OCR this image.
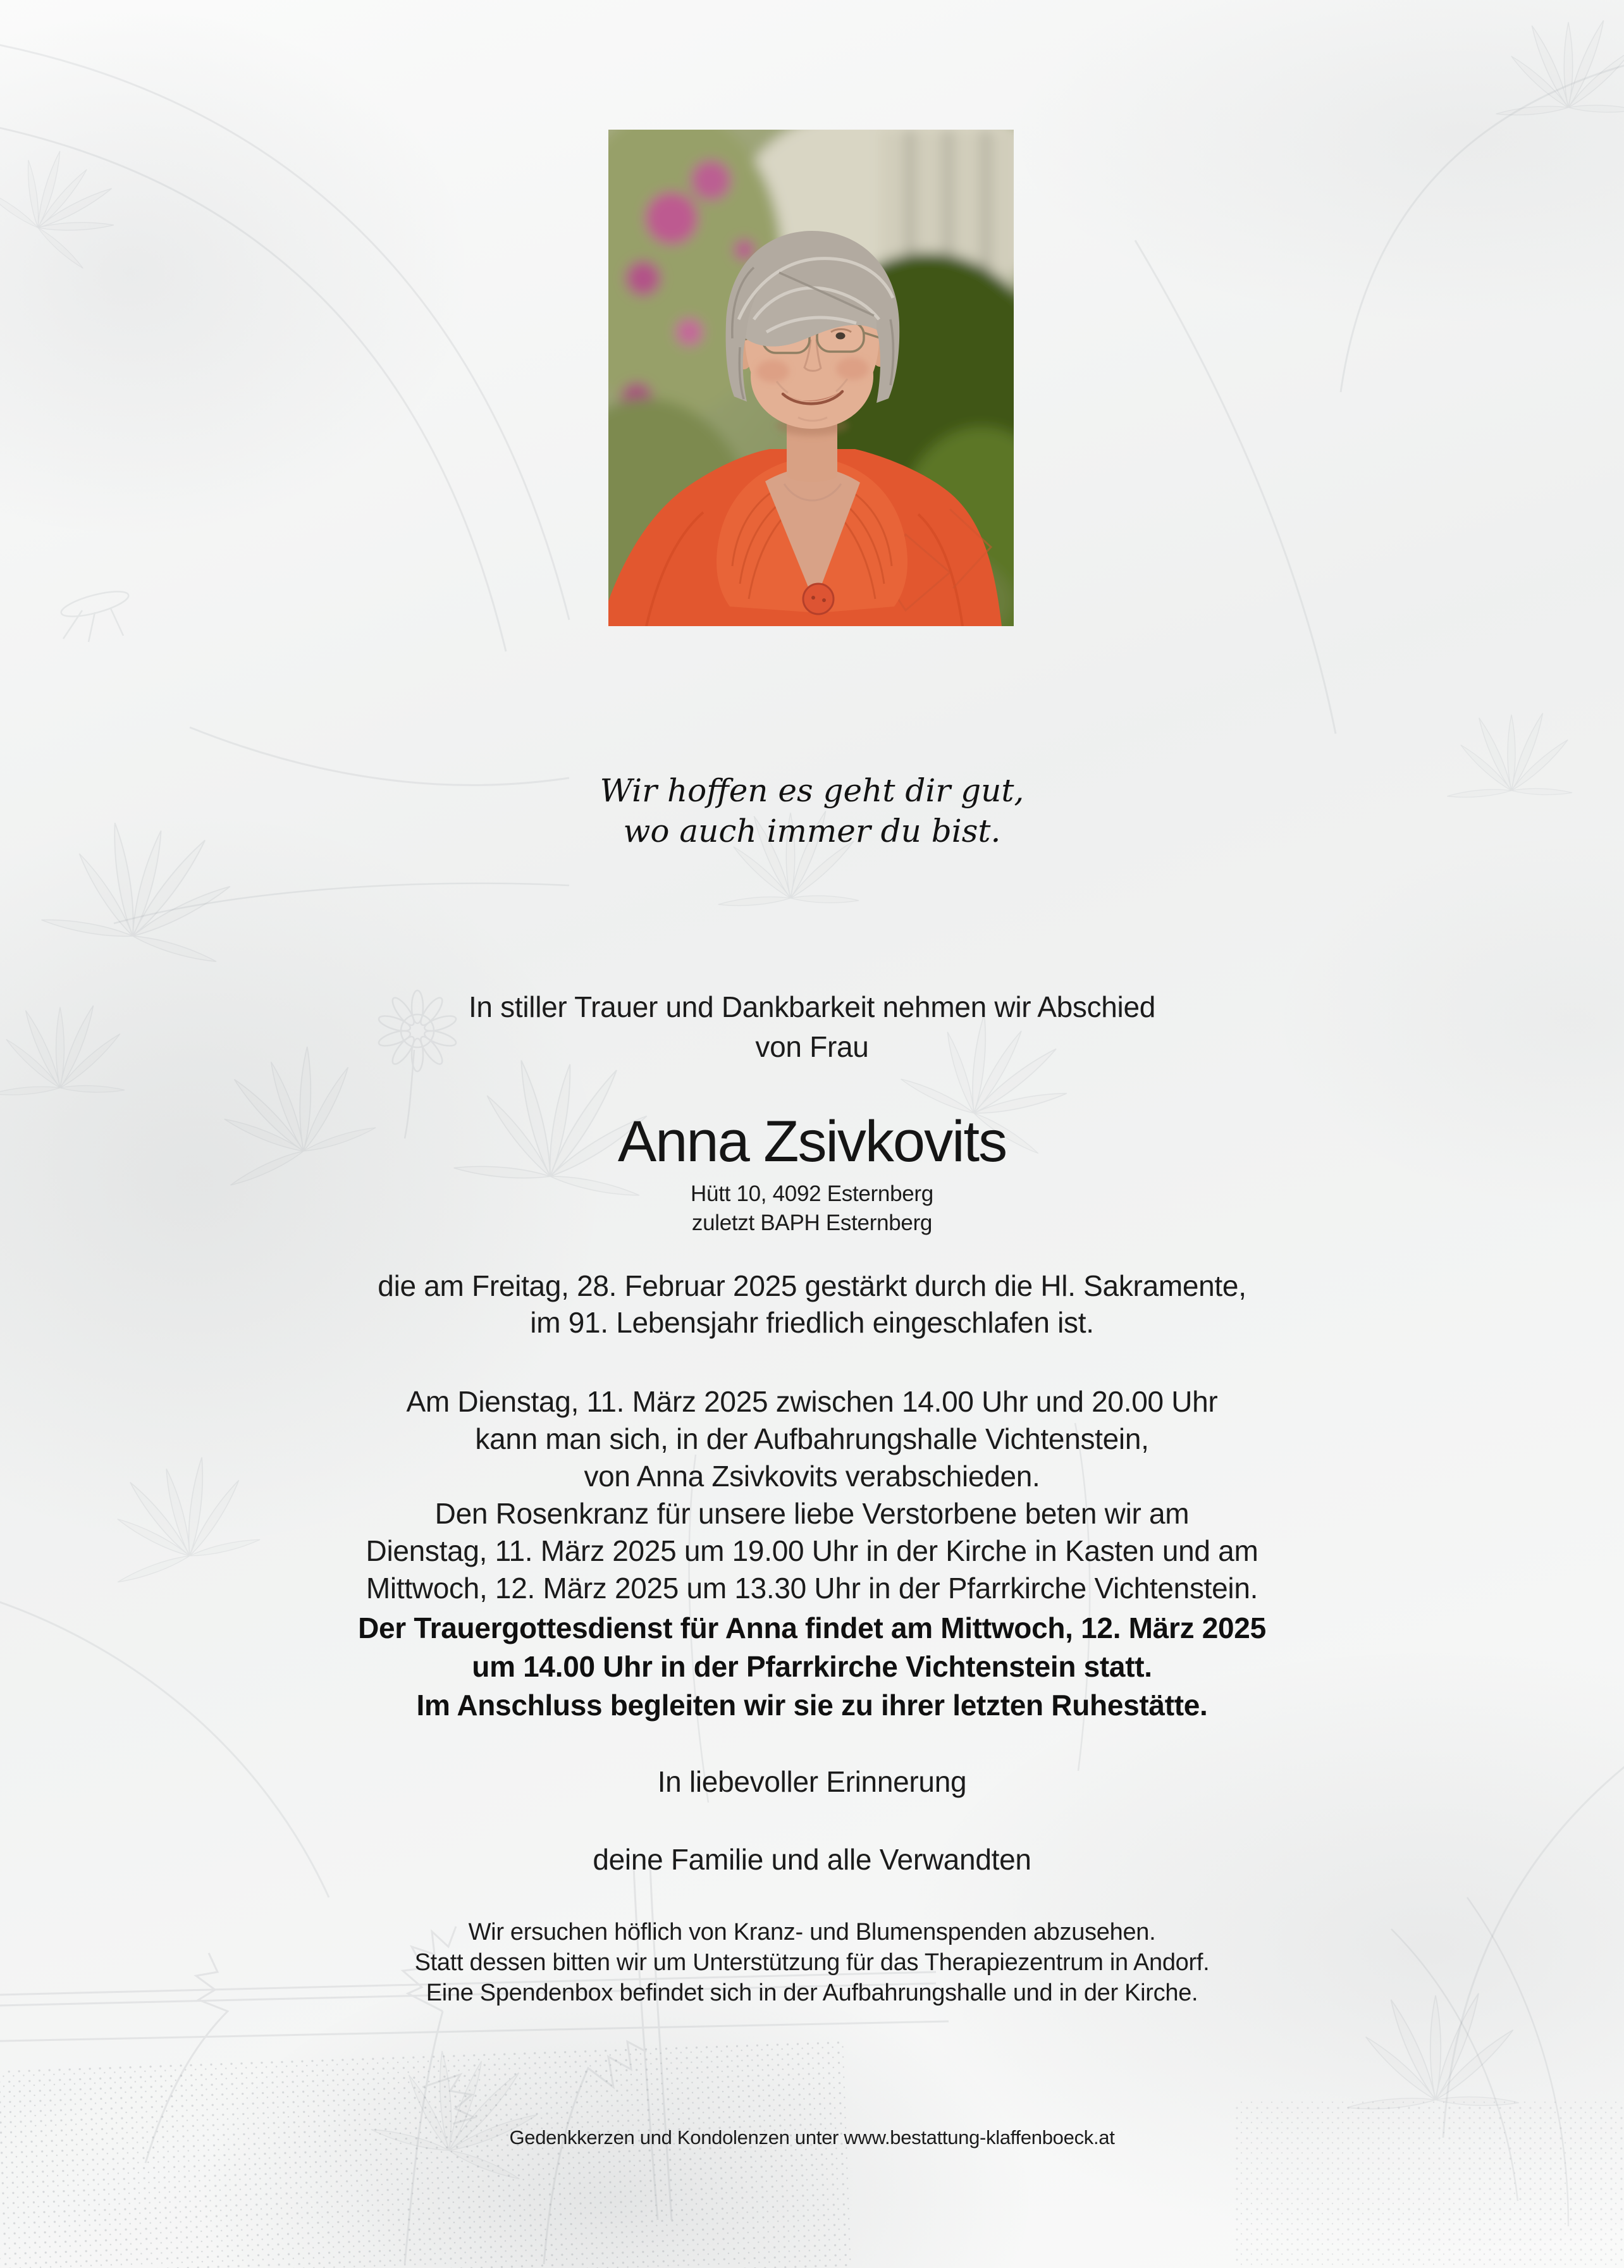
Wir hoffen es geht dir gut,
wo auch immer du bist.
In stiller Trauer und Dankbarkeit nehmen wir Abschied
von Frau
Anna Zsivkovits
Hütt 10, 4092 Esternberg
zuletzt BAPH Esternberg
die am Freitag, 28. Februar 2025 gestärkt durch die Hl. Sakramente,
im 91. Lebensjahr friedlich eingeschlafen ist.
Am Dienstag, 11. März 2025 zwischen 14.00 Uhr und 20.00 Uhr
kann man sich, in der Aufbahrungshalle Vichtenstein,
von Anna Zsivkovits verabschieden.
Den Rosenkranz für unsere liebe Verstorbene beten wir am
Dienstag, 11. März 2025 um 19.00 Uhr in der Kirche in Kasten und am
Mittwoch, 12. März 2025 um 13.30 Uhr in der Pfarrkirche Vichtenstein.
Der Trauergottesdienst für Anna findet am Mittwoch, 12. März 2025
um 14.00 Uhr in der Pfarrkirche Vichtenstein statt.
Im Anschluss begleiten wir sie zu ihrer letzten Ruhestätte.
In liebevoller Erinnerung
deine Familie und alle Verwandten
Wir ersuchen höflich von Kranz- und Blumenspenden abzusehen.
Statt dessen bitten wir um Unterstützung für das Therapiezentrum in Andorf.
Eine Spendenbox befindet sich in der Aufbahrungshalle und in der Kirche.
Gedenkkerzen und Kondolenzen unter www.bestattung-klaffenboeck.at
